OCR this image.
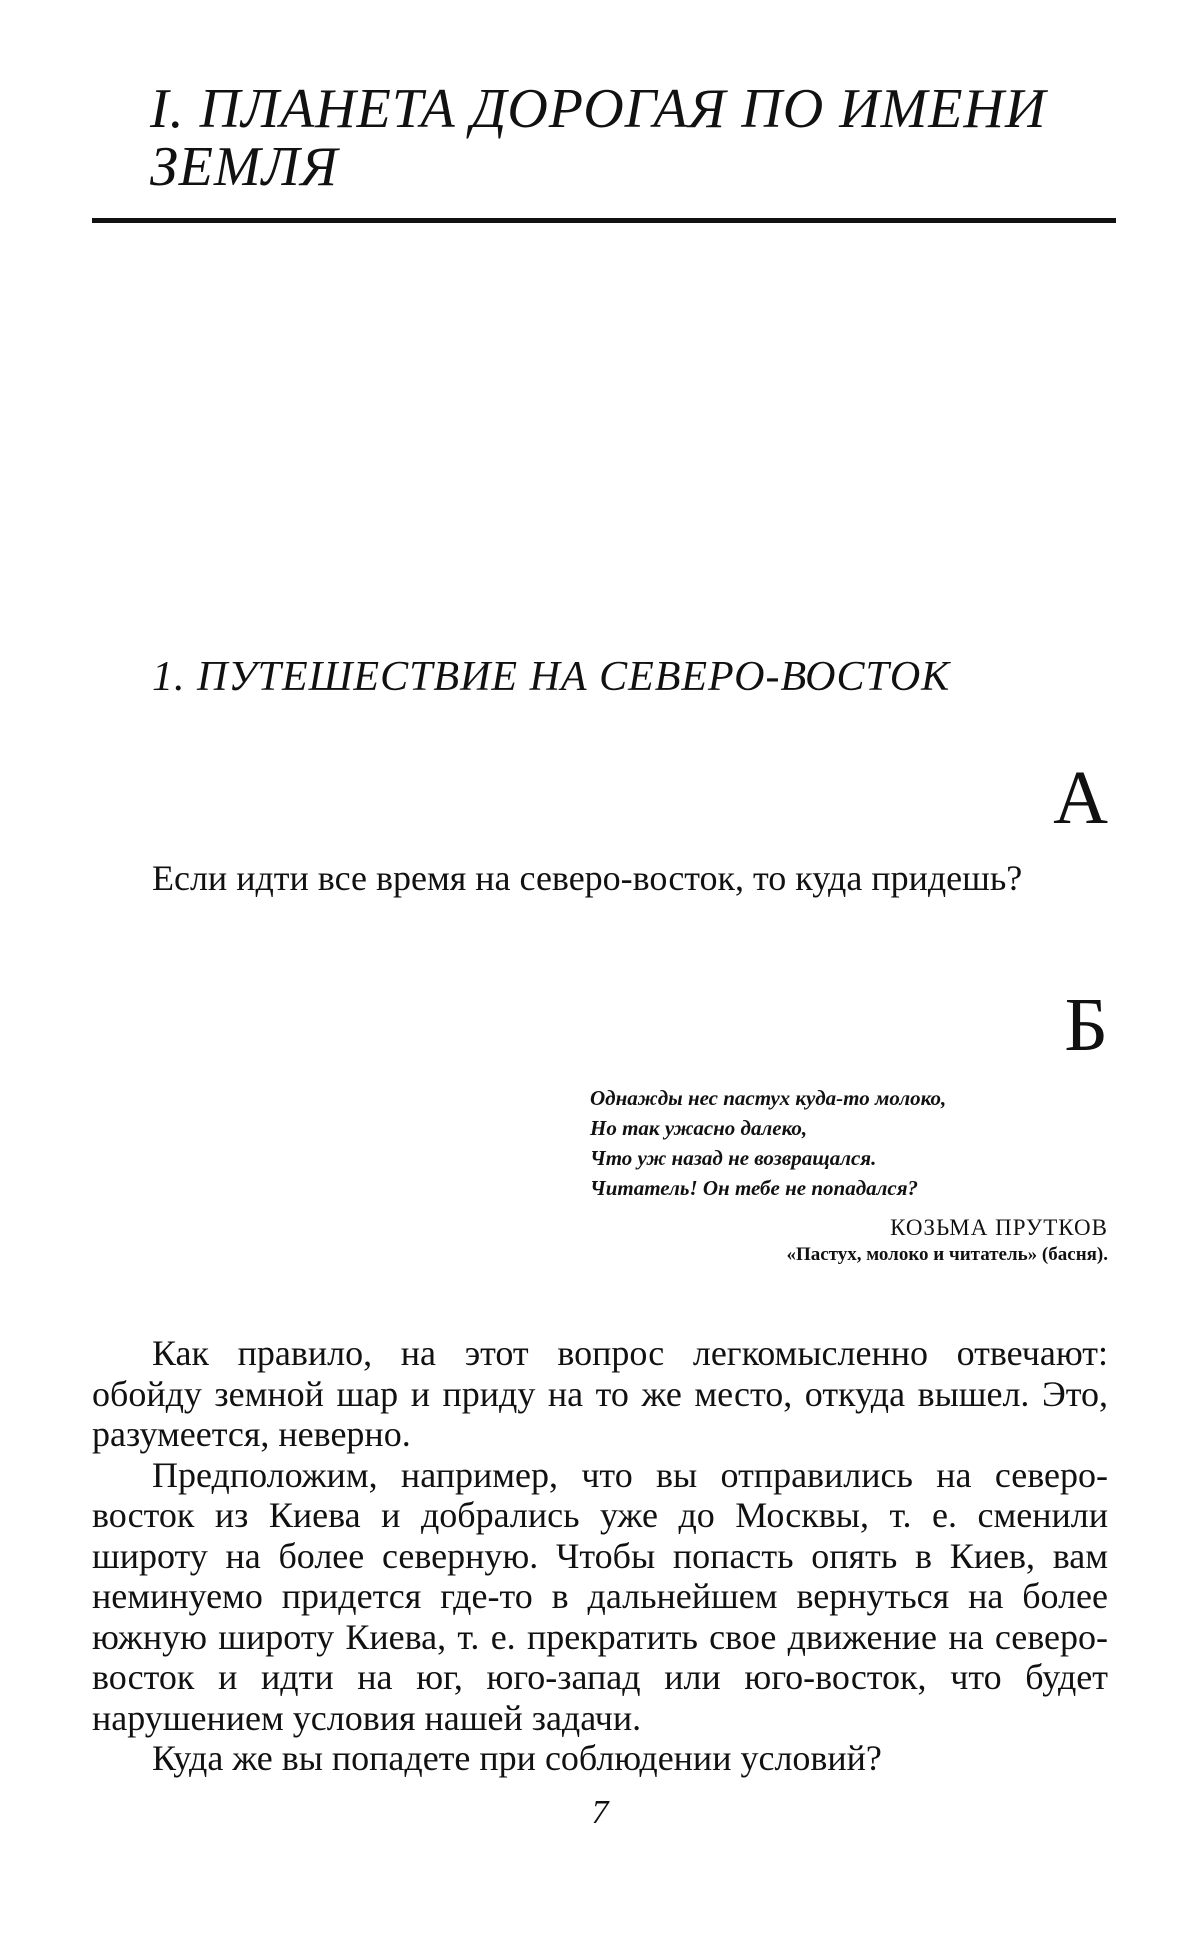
I. ПЛАНЕТА ДОРОГАЯ ПО ИМЕНИ
ЗЕМЛЯ
1. ПУТЕШЕСТВИЕ НА СЕВЕРО-ВОСТОК
А

Если идти все время на северо-восток, то куда придешь?

Б
Однажды нес пастух куда-то молоко,
Но так ужасно далеко,
Что уж назад не возвращался.
Читатель! Он тебе не попадался?
КОЗЬМА ПРУТКОВ
«Пастух, молоко и читатель» (басня).

Как правило, на этот вопрос легкомысленно отвечают: обойду земной шар и приду на то же место, откуда вышел. Это, разумеется, неверно.

Предположим, например, что вы отправились на северо-восток из Киева и добрались уже до Москвы, т. е. сменили широту на более северную. Чтобы попасть опять в Киев, вам неминуемо придется где-то в дальнейшем вернуться на более южную широту Киева, т. е. прекратить свое движение на северо-восток и идти на юг, юго-запад или юго-восток, что будет нарушением условия нашей задачи.

Куда же вы попадете при соблюдении условий?

7
